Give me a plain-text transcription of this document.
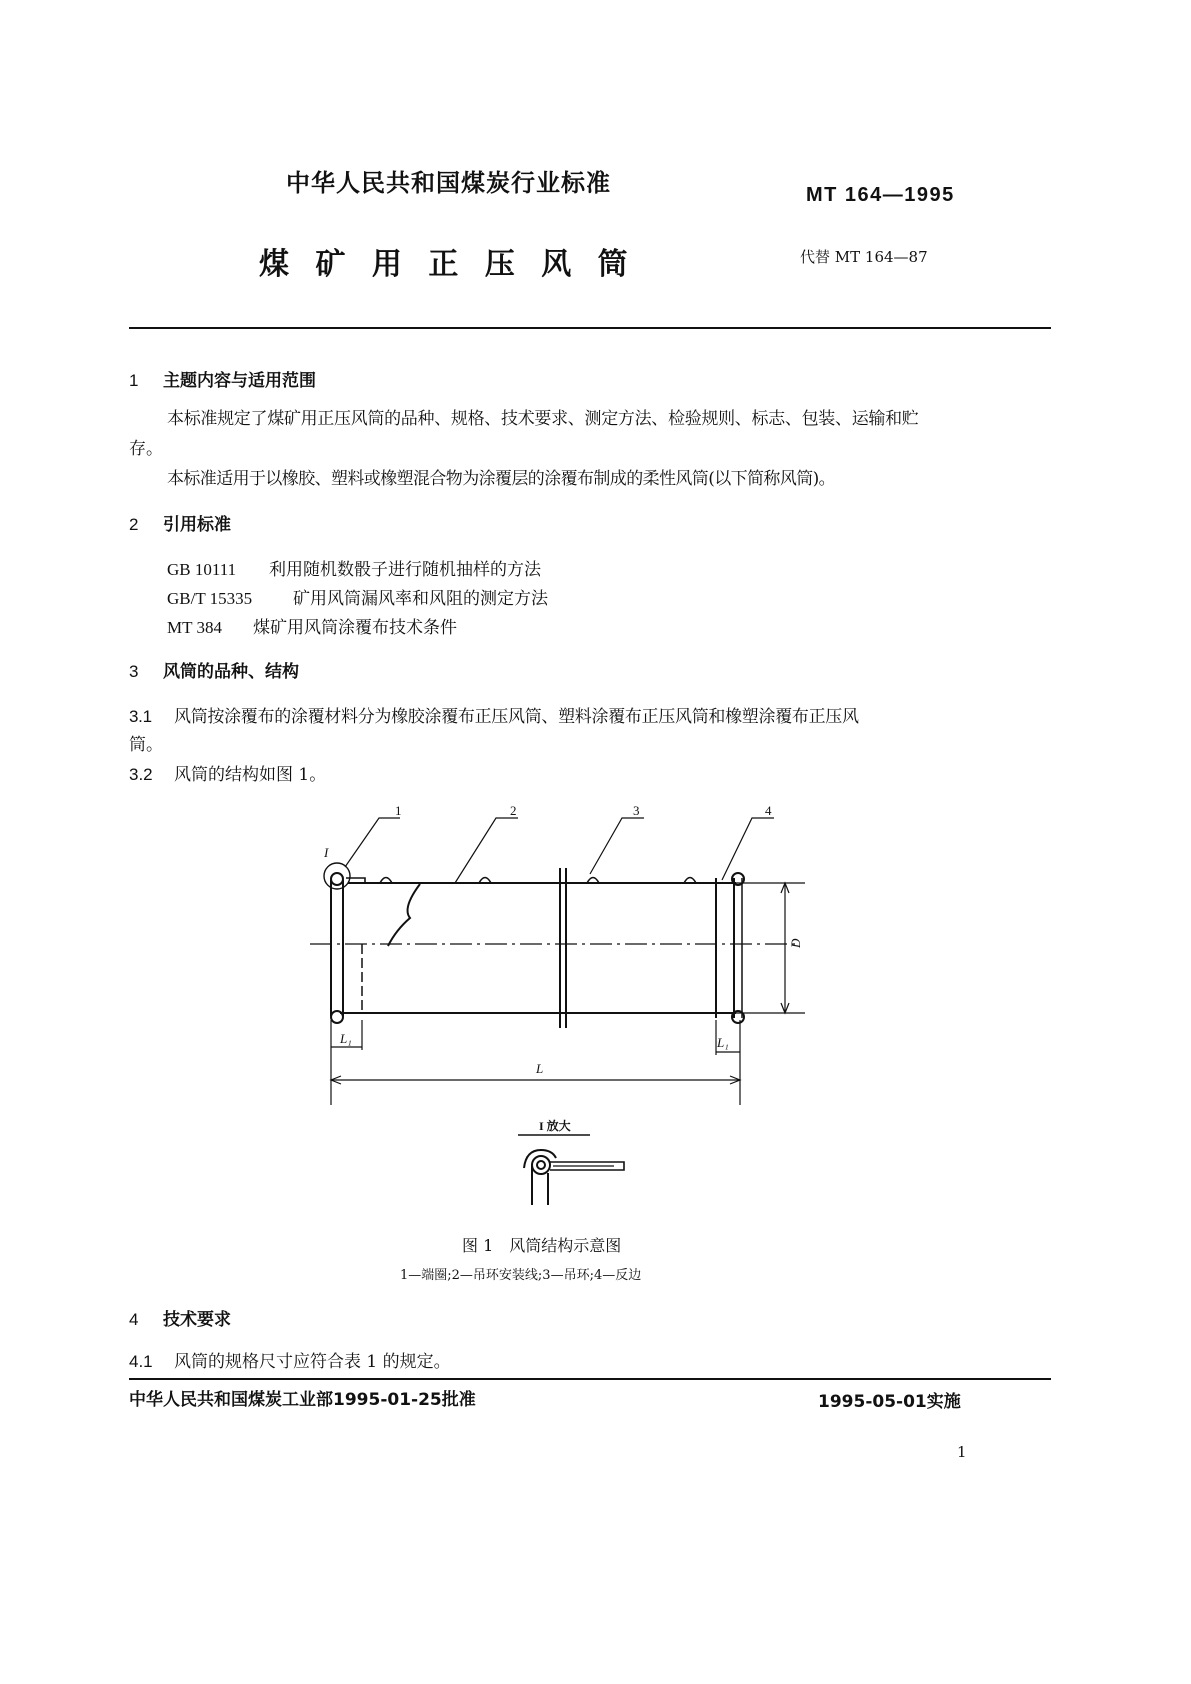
中华人民共和国煤炭行业标准	MT 164—1995
煤 矿 用 正 压 风 筒	代替 MT 164—87
1 主题内容与适用范围
本标准规定了煤矿用正压风筒的品种、规格、技术要求、测定方法、检验规则、标志、包装、运输和贮
存。
本标准适用于以橡胶、塑料或橡塑混合物为涂覆层的涂覆布制成的柔性风筒(以下简称风筒)。
2 引用标准
GB 10111 利用随机数骰子进行随机抽样的方法
GB/T 15335 矿用风筒漏风率和风阻的测定方法
MT 384 煤矿用风筒涂覆布技术条件
3 风筒的品种、结构
3.1 风筒按涂覆布的涂覆材料分为橡胶涂覆布正压风筒、塑料涂覆布正压风筒和橡塑涂覆布正压风
筒。
3.2 风筒的结构如图 1。
1	2	3	4
I
D
L₁	L₁
L
I 放大
图 1　风筒结构示意图
1—端圈;2—吊环安装线;3—吊环;4—反边
4 技术要求
4.1 风筒的规格尺寸应符合表 1 的规定。
中华人民共和国煤炭工业部1995-01-25批准	1995-05-01实施
1
